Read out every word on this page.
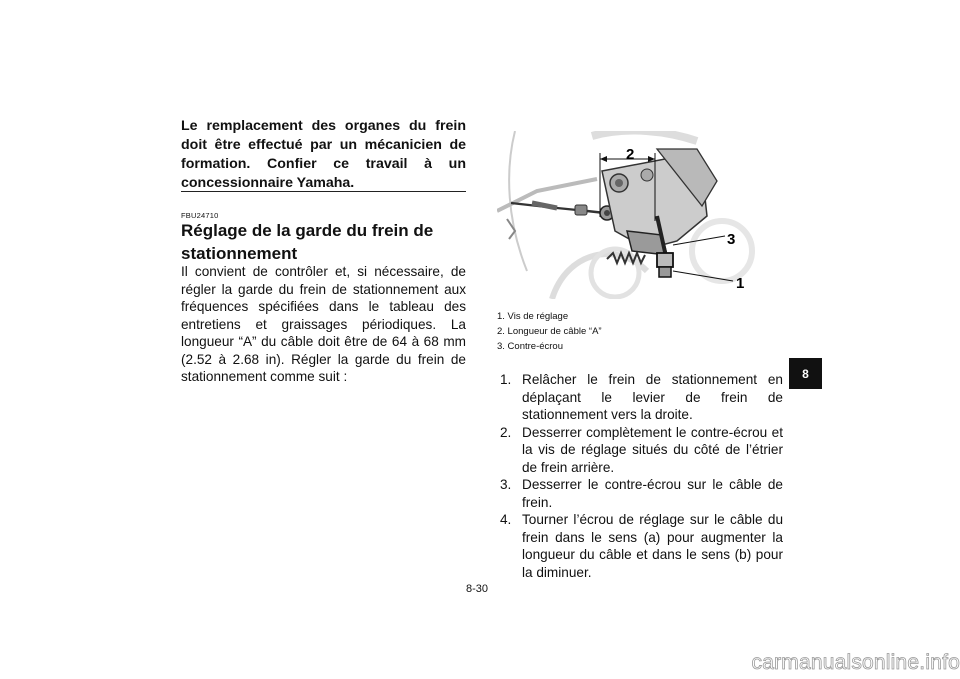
Le remplacement des organes du frein doit être effectué par un mécanicien de formation. Confier ce travail à un concessionnaire Yamaha.

FBU24710
Réglage de la garde du frein de stationnement

Il convient de contrôler et, si nécessaire, de régler la garde du frein de stationnement aux fréquences spécifiées dans le tableau des entretiens et graissages périodiques. La longueur “A” du câble doit être de 64 à 68 mm (2.52 à 2.68 in). Régler la garde du frein de stationnement comme suit :

2
3
1
1. Vis de réglage
2. Longueur de câble “A”
3. Contre-écrou
1. Relâcher le frein de stationnement en déplaçant le levier de frein de stationnement vers la droite.
2. Desserrer complètement le contre-écrou et la vis de réglage situés du côté de l’étrier de frein arrière.
3. Desserrer le contre-écrou sur le câble de frein.
4. Tourner l’écrou de réglage sur le câble du frein dans le sens (a) pour augmenter la longueur du câble et dans le sens (b) pour la diminuer.
8-30
8
carmanualsonline.info
